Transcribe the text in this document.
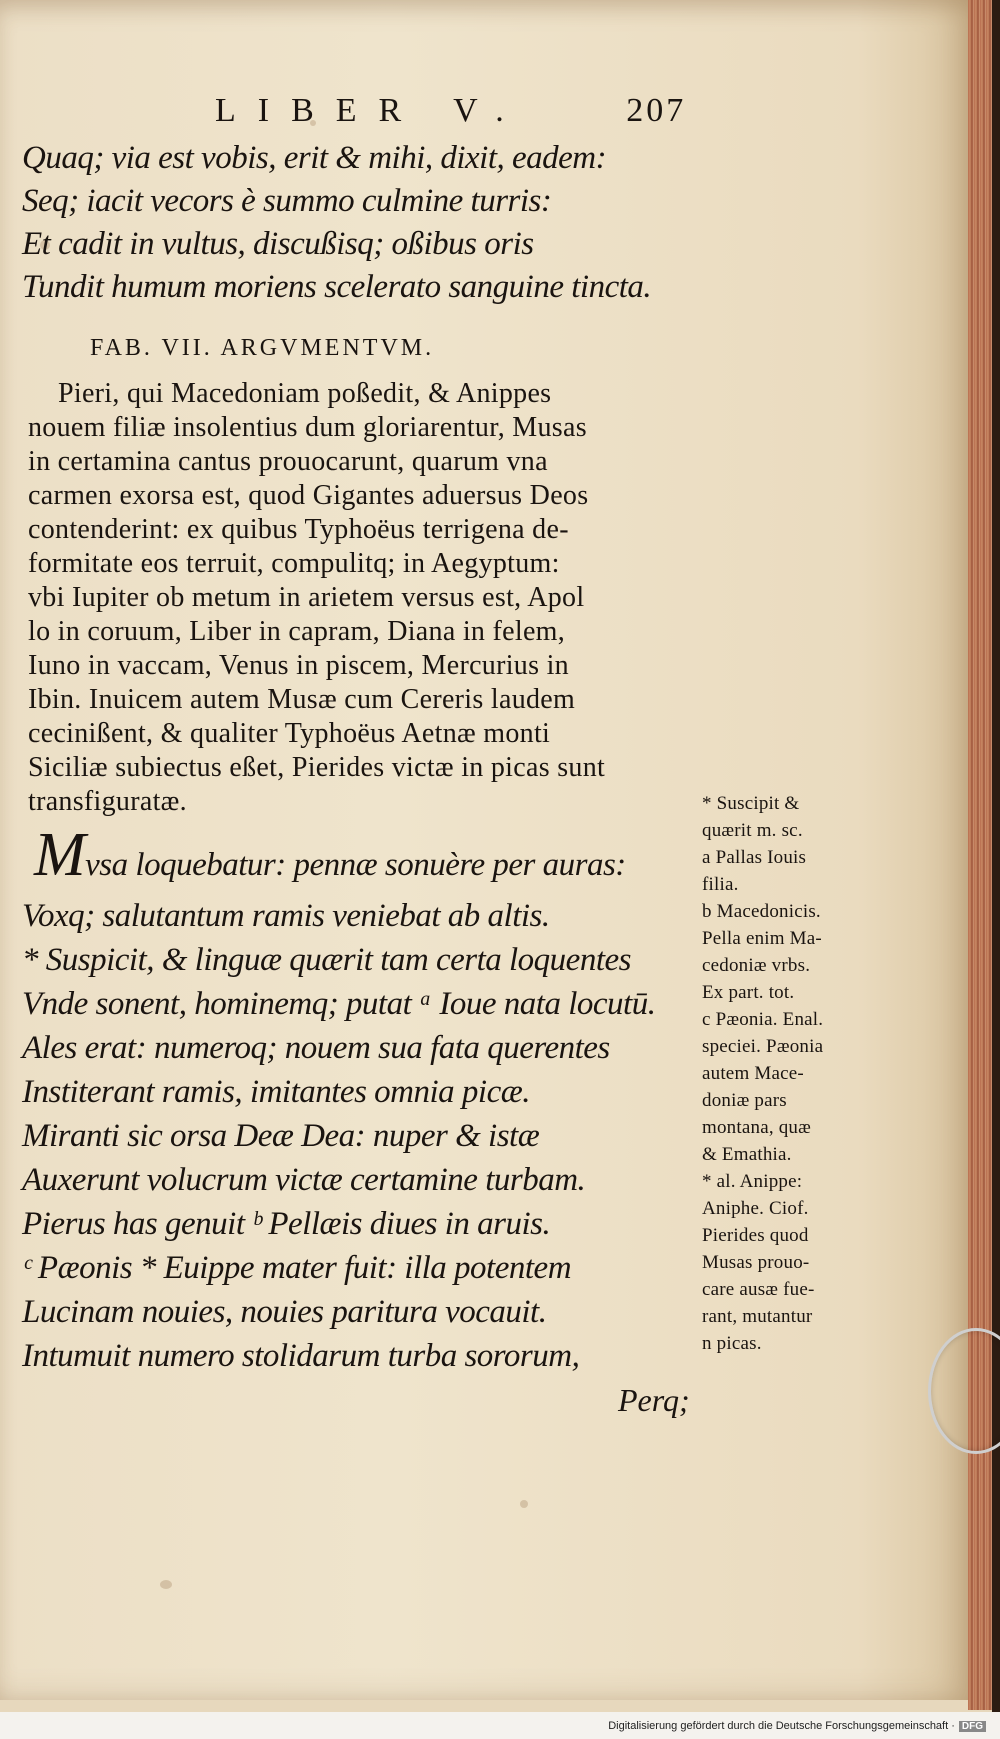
LIBER V.	207
Quaq; via est vobis, erit & mihi, dixit, eadem:
Seq; iacit vecors è summo culmine turris:
Et cadit in vultus, discußisq; oßibus oris
Tundit humum moriens scelerato sanguine tincta.
FAB. VII. ARGVMENTVM.
Pieri, qui Macedoniam poßedit, & Anippes
nouem filiæ insolentius dum gloriarentur, Musas
in certamina cantus prouocarunt, quarum vna
carmen exorsa est, quod Gigantes aduersus Deos
contenderint: ex quibus Typhoëus terrigena de-
formitate eos terruit, compulitq; in Aegyptum:
vbi Iupiter ob metum in arietem versus est, Apol
lo in coruum, Liber in capram, Diana in felem,
Iuno in vaccam, Venus in piscem, Mercurius in
Ibin. Inuicem autem Musæ cum Cereris laudem
cecinißent, & qualiter Typhoëus Aetnæ monti
Siciliæ subiectus eßet, Pierides victæ in picas sunt
transfiguratæ.
Mvsa loquebatur: pennæ sonuère per auras:
Voxq; salutantum ramis veniebat ab altis.
* Suspicit, & linguæ quærit tam certa loquentes
Vnde sonent, hominemq; putat ᵃ Ioue nata locutū.
Ales erat: numeroq; nouem sua fata querentes
Institerant ramis, imitantes omnia picæ.
Miranti sic orsa Deæ Dea: nuper & istæ
Auxerunt volucrum victæ certamine turbam.
Pierus has genuit ᵇ Pellæis diues in aruis.
ᶜ Pæonis * Euippe mater fuit: illa potentem
Lucinam nouies, nouies paritura vocauit.
Intumuit numero stolidarum turba sororum,
Perq;
* Suscipit &
quærit m. sc.
a Pallas Iouis
filia.
b Macedonicis.
Pella enim Ma-
cedoniæ vrbs.
Ex part. tot.
c Pæonia. Enal.
speciei. Pæonia
autem Mace-
doniæ pars
montana, quæ
& Emathia.
* al. Anippe:
Aniphe. Ciof.
Pierides quod
Musas prouo-
care ausæ fue-
rant, mutantur
n picas.
Digitalisierung gefördert durch die Deutsche Forschungsgemeinschaft · DFG
